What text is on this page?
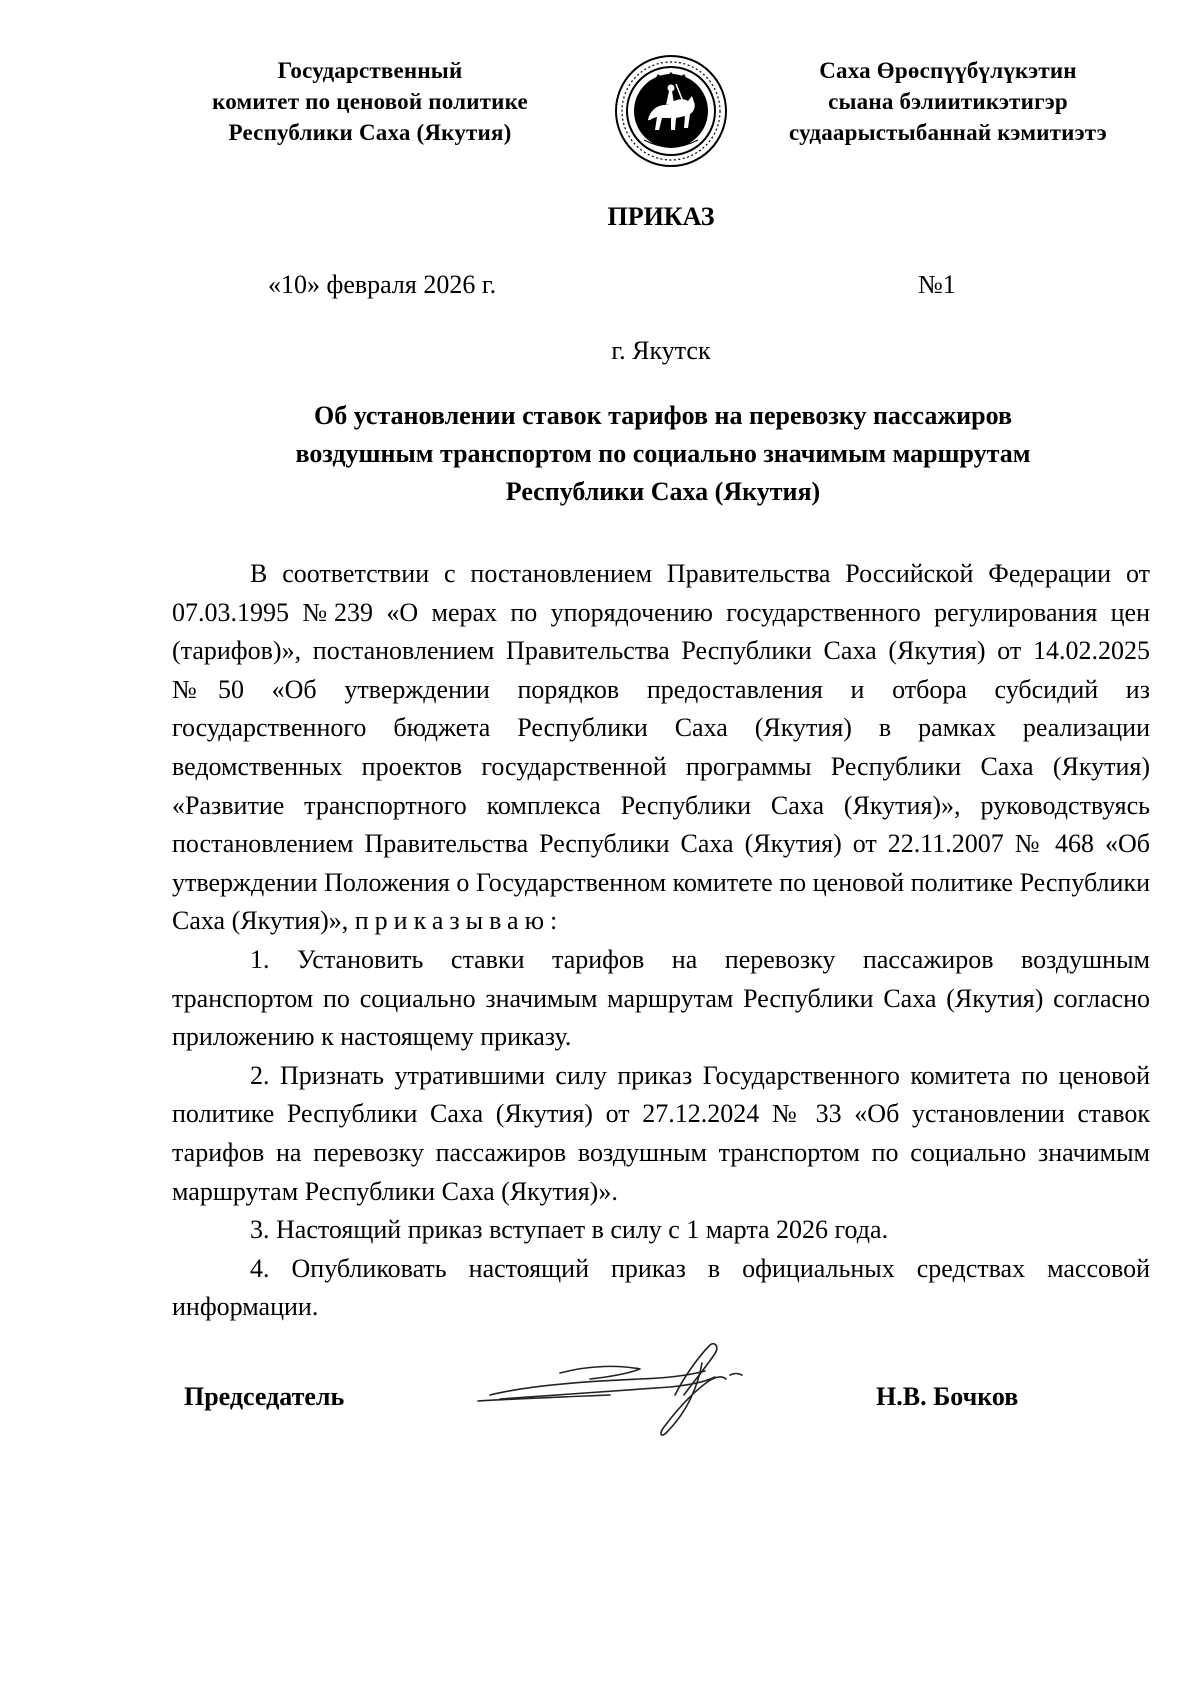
Государственный
комитет по ценовой политике
Республики Саха (Якутия)
Саха Өрөспүүбүлүкэтин
сыана бэлиитикэтигэр
судаарыстыбаннай кэмитиэтэ
ПРИКАЗ
«10» февраля 2026 г.	№1
г. Якутск
Об установлении ставок тарифов на перевозку пассажиров
воздушным транспортом по социально значимым маршрутам
Республики Саха (Якутия)

В соответствии с постановлением Правительства Российской Федерации от 07.03.1995 №239 «О мерах по упорядочению государственного регулирования цен (тарифов)», постановлением Правительства Республики Саха (Якутия) от 14.02.2025 №50 «Об утверждении порядков предоставления и отбора субсидий из государственного бюджета Республики Саха (Якутия) в рамках реализации ведомственных проектов государственной программы Республики Саха (Якутия) «Развитие транспортного комплекса Республики Саха (Якутия)», руководствуясь постановлением Правительства Республики Саха (Якутия) от 22.11.2007 № 468 «Об утверждении Положения о Государственном комитете по ценовой политике Республики Саха (Якутия)», приказываю:

1. Установить ставки тарифов на перевозку пассажиров воздушным транспортом по социально значимым маршрутам Республики Саха (Якутия) согласно приложению к настоящему приказу.

2. Признать утратившими силу приказ Государственного комитета по ценовой политике Республики Саха (Якутия) от 27.12.2024 № 33 «Об установлении ставок тарифов на перевозку пассажиров воздушным транспортом по социально значимым маршрутам Республики Саха (Якутия)».

3. Настоящий приказ вступает в силу с 1 марта 2026 года.

4. Опубликовать настоящий приказ в официальных средствах массовой информации.

Председатель	Н.В. Бочков
